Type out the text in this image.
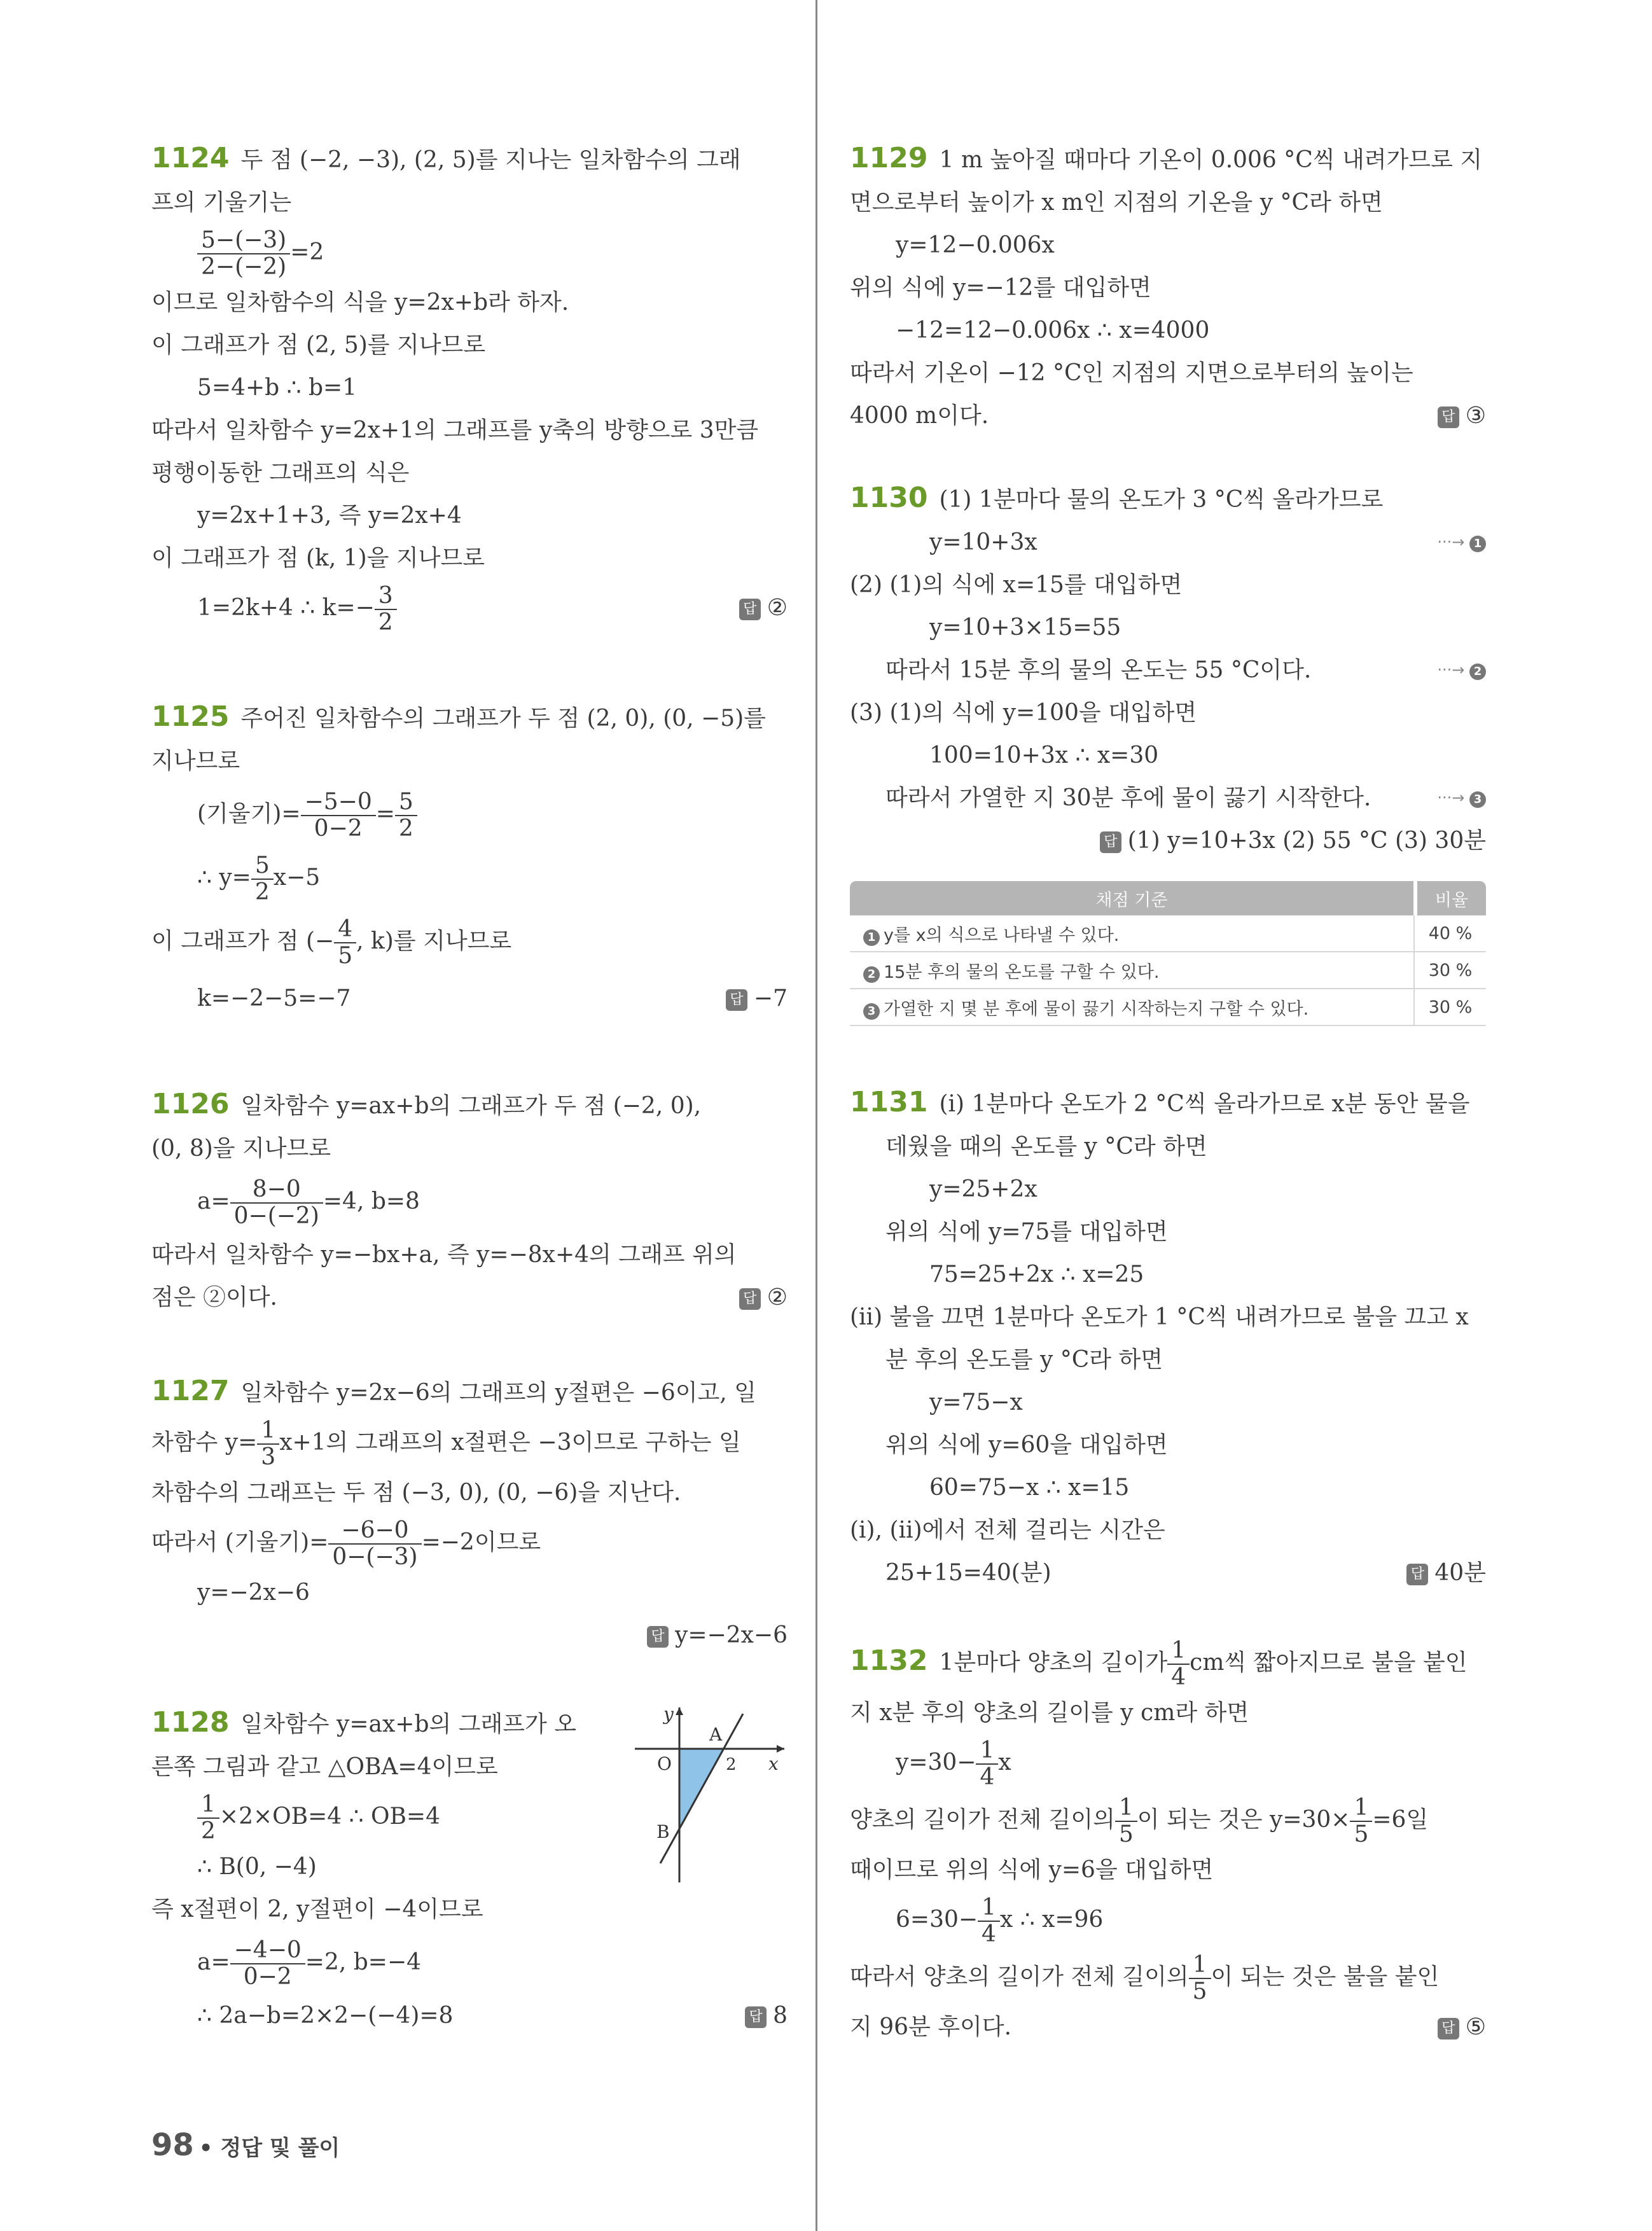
1124 두 점 (−2, −3), (2, 5)를 지나는 일차함수의 그래
프의 기울기는
$\frac{5-(-3)}{2-(-2)} =2$
이므로 일차함수의 식을 y=2x+b라 하자.
이 그래프가 점 (2, 5)를 지나므로
5=4+b ∴ b=1
따라서 일차함수 y=2x+1의 그래프를 y축의 방향으로 3만큼
평행이동한 그래프의 식은
y=2x+1+3, 즉 y=2x+4
이 그래프가 점 (k, 1)을 지나므로
1=2k+4 ∴ $k=- \frac{3}{2}$	답 ②
1125 주어진 일차함수의 그래프가 두 점 (2, 0), (0, −5)를
지나므로
(기울기)= $\frac{-5-0}{0-2} = \frac{5}{2}$
∴ $y= \frac{5}{2} x-5$
이 그래프가 점 (− $\frac{4}{5}$ , k)를 지나므로
k=−2−5=−7	답 −7
1126 일차함수 y=ax+b의 그래프가 두 점 (−2, 0),
(0, 8)을 지나므로
$a= \frac{8-0}{0-(-2)} =4$, b=8
따라서 일차함수 y=−bx+a, 즉 y=−8x+4의 그래프 위의
점은 ②이다.	답 ②
1127 일차함수 y=2x−6의 그래프의 y절편은 −6이고, 일
차함수 $y= \frac{1}{3} x+1$의 그래프의 x절편은 −3이므로 구하는 일
차함수의 그래프는 두 점 (−3, 0), (0, −6)을 지난다.
따라서 (기울기)= $\frac{-6-0}{0-(-3)} =-2$이므로
y=−2x−6
답 y=−2x−6

y
x
O
A
2
B
1128 일차함수 y=ax+b의 그래프가 오
른쪽 그림과 같고 △OBA=4이므로
$\frac{1}{2} \times 2\times OB=4$ ∴ OB=4
∴ B(0, −4)
즉 x절편이 2, y절편이 −4이므로
$a= \frac{-4-0}{0-2} =2$, b=−4
∴ 2a−b=2×2−(−4)=8	답 8
1129 1 m 높아질 때마다 기온이 0.006 °C씩 내려가므로 지
면으로부터 높이가 x m인 지점의 기온을 y °C라 하면
y=12−0.006x
위의 식에 y=−12를 대입하면
−12=12−0.006x ∴ x=4000
따라서 기온이 −12 °C인 지점의 지면으로부터의 높이는
4000 m이다.	답 ③
1130 (1) 1분마다 물의 온도가 3 °C씩 올라가므로
y=10+3x	···→ 1
(2) (1)의 식에 x=15를 대입하면
y=10+3×15=55
따라서 15분 후의 물의 온도는 55 °C이다.	···→ 2
(3) (1)의 식에 y=100을 대입하면
100=10+3x ∴ x=30
따라서 가열한 지 30분 후에 물이 끓기 시작한다.	···→ 3
답 (1) y=10+3x (2) 55 °C (3) 30분

채점 기준	비율
1 y를 x의 식으로 나타낼 수 있다.	40 %
2 15분 후의 물의 온도를 구할 수 있다.	30 %
3 가열한 지 몇 분 후에 물이 끓기 시작하는지 구할 수 있다.	30 %
1131 (i) 1분마다 온도가 2 °C씩 올라가므로 x분 동안 물을
데웠을 때의 온도를 y °C라 하면
y=25+2x
위의 식에 y=75를 대입하면
75=25+2x ∴ x=25
(ii) 불을 끄면 1분마다 온도가 1 °C씩 내려가므로 불을 끄고 x
분 후의 온도를 y °C라 하면
y=75−x
위의 식에 y=60을 대입하면
60=75−x ∴ x=15
(i), (ii)에서 전체 걸리는 시간은
25+15=40(분)	답 40분
1132 1분마다 양초의 길이가 $\frac{1}{4}$ cm씩 짧아지므로 불을 붙인
지 x분 후의 양초의 길이를 y cm라 하면
$y=30- \frac{1}{4}$ x
양초의 길이가 전체 길이의 $\frac{1}{5}$ 이 되는 것은 $y=30\times \frac{1}{5} =6$일
때이므로 위의 식에 y=6을 대입하면
$6=30- \frac{1}{4}$ x ∴ x=96
따라서 양초의 길이가 전체 길이의 $\frac{1}{5}$ 이 되는 것은 불을 붙인
지 96분 후이다.	답 ⑤
98 • 정답 및 풀이
